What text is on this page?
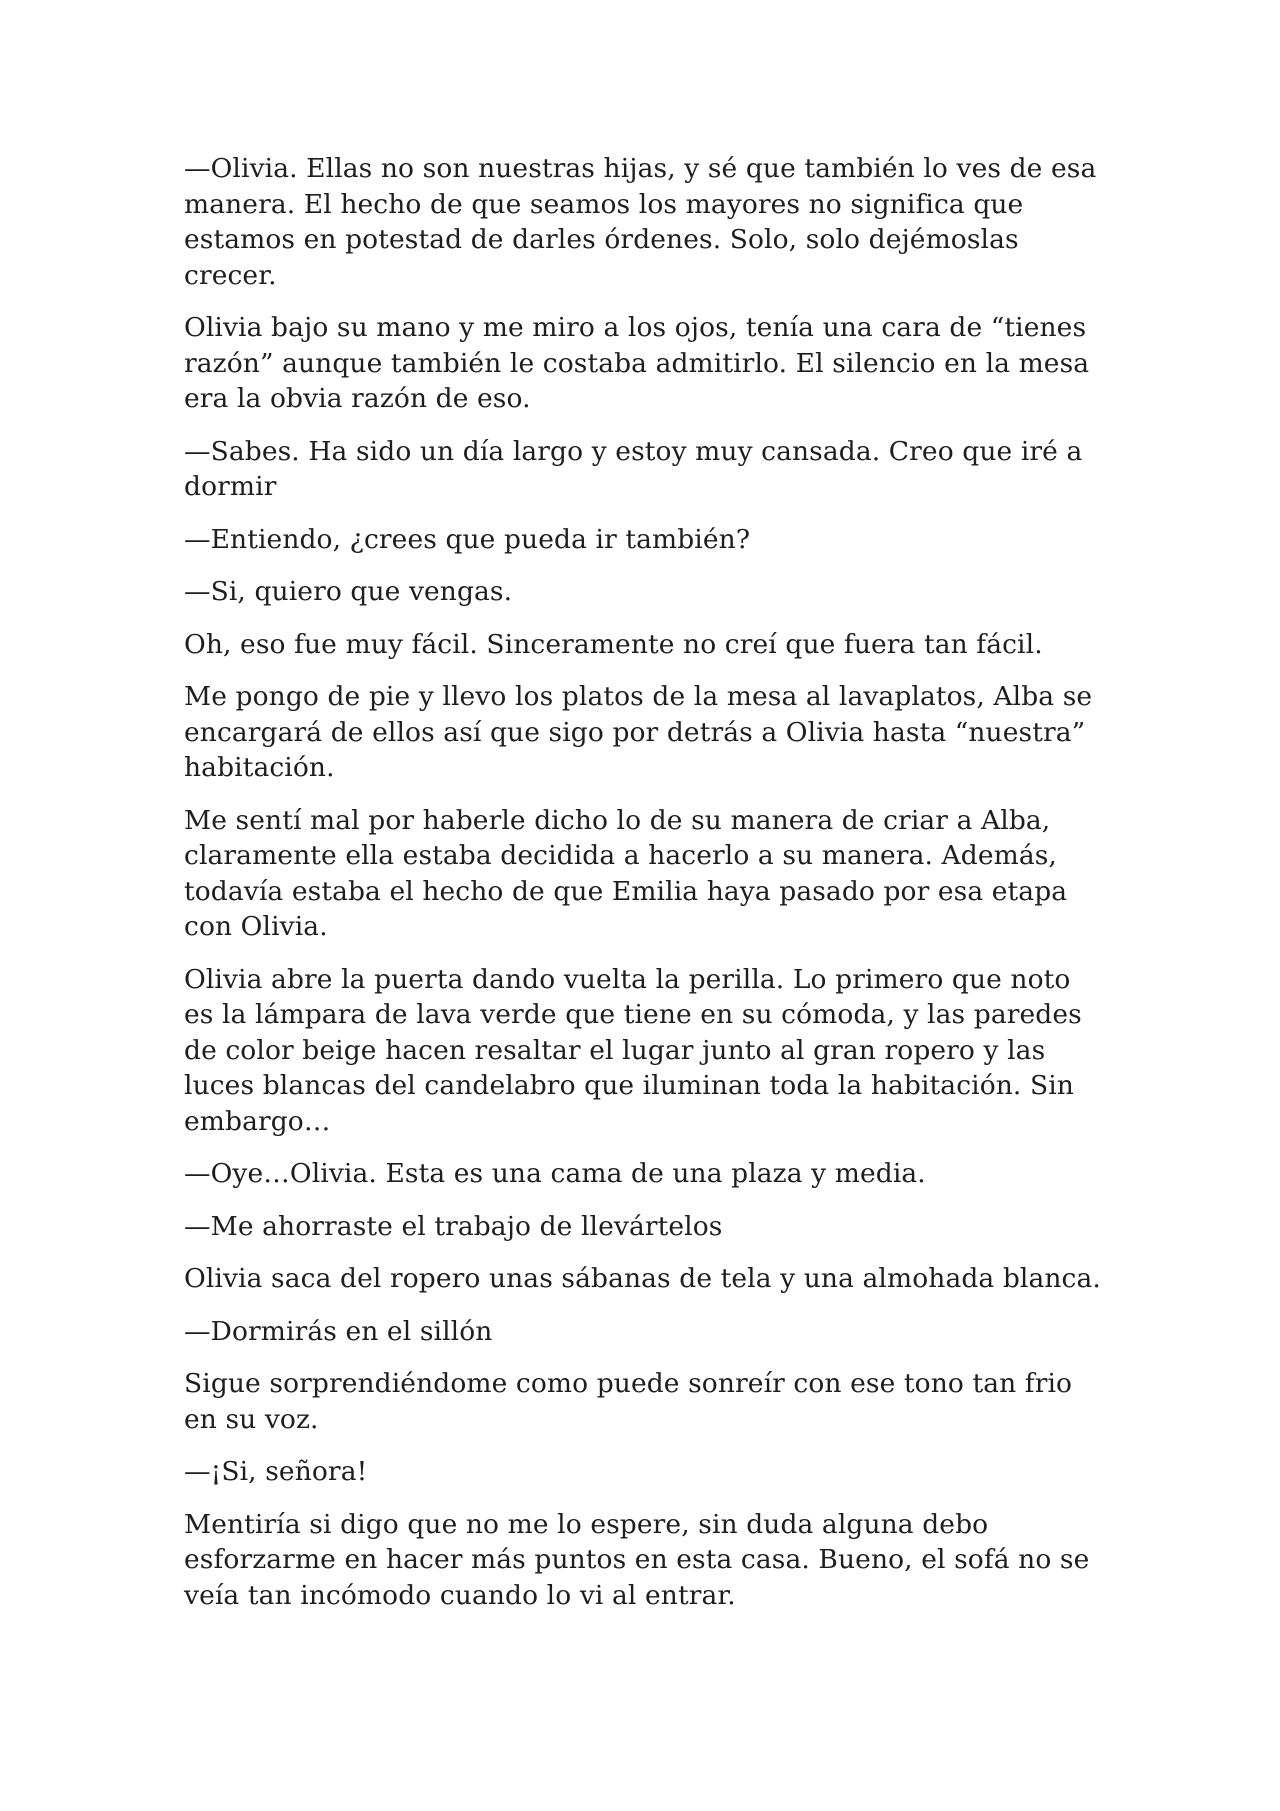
—Olivia. Ellas no son nuestras hijas, y sé que también lo ves de esa manera. El hecho de que seamos los mayores no significa que estamos en potestad de darles órdenes. Solo, solo dejémoslas crecer.

Olivia bajo su mano y me miro a los ojos, tenía una cara de “tienes razón” aunque también le costaba admitirlo. El silencio en la mesa era la obvia razón de eso.

—Sabes. Ha sido un día largo y estoy muy cansada. Creo que iré a dormir

—Entiendo, ¿crees que pueda ir también?

—Si, quiero que vengas.

Oh, eso fue muy fácil. Sinceramente no creí que fuera tan fácil.

Me pongo de pie y llevo los platos de la mesa al lavaplatos, Alba se encargará de ellos así que sigo por detrás a Olivia hasta “nuestra” habitación.

Me sentí mal por haberle dicho lo de su manera de criar a Alba, claramente ella estaba decidida a hacerlo a su manera. Además, todavía estaba el hecho de que Emilia haya pasado por esa etapa con Olivia.

Olivia abre la puerta dando vuelta la perilla. Lo primero que noto es la lámpara de lava verde que tiene en su cómoda, y las paredes de color beige hacen resaltar el lugar junto al gran ropero y las luces blancas del candelabro que iluminan toda la habitación. Sin embargo…

—Oye…Olivia. Esta es una cama de una plaza y media.

—Me ahorraste el trabajo de llevártelos

Olivia saca del ropero unas sábanas de tela y una almohada blanca.

—Dormirás en el sillón

Sigue sorprendiéndome como puede sonreír con ese tono tan frio en su voz.

—¡Si, señora!

Mentiría si digo que no me lo espere, sin duda alguna debo esforzarme en hacer más puntos en esta casa. Bueno, el sofá no se veía tan incómodo cuando lo vi al entrar.
